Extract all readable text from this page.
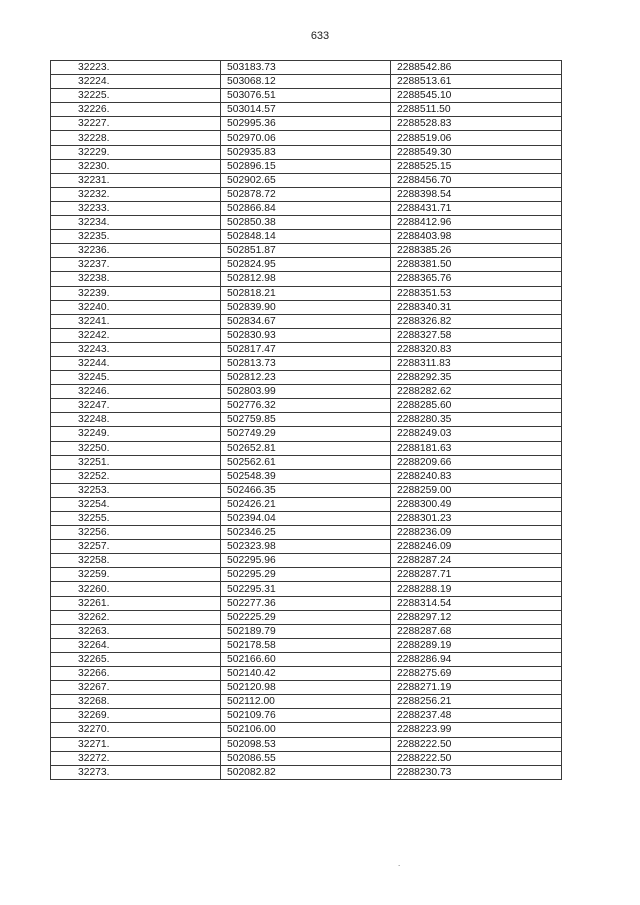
633
32223.	503183.73	2288542.86
32224.	503068.12	2288513.61
32225.	503076.51	2288545.10
32226.	503014.57	2288511.50
32227.	502995.36	2288528.83
32228.	502970.06	2288519.06
32229.	502935.83	2288549.30
32230.	502896.15	2288525.15
32231.	502902.65	2288456.70
32232.	502878.72	2288398.54
32233.	502866.84	2288431.71
32234.	502850.38	2288412.96
32235.	502848.14	2288403.98
32236.	502851.87	2288385.26
32237.	502824.95	2288381.50
32238.	502812.98	2288365.76
32239.	502818.21	2288351.53
32240.	502839.90	2288340.31
32241.	502834.67	2288326.82
32242.	502830.93	2288327.58
32243.	502817.47	2288320.83
32244.	502813.73	2288311.83
32245.	502812.23	2288292.35
32246.	502803.99	2288282.62
32247.	502776.32	2288285.60
32248.	502759.85	2288280.35
32249.	502749.29	2288249.03
32250.	502652.81	2288181.63
32251.	502562.61	2288209.66
32252.	502548.39	2288240.83
32253.	502466.35	2288259.00
32254.	502426.21	2288300.49
32255.	502394.04	2288301.23
32256.	502346.25	2288236.09
32257.	502323.98	2288246.09
32258.	502295.96	2288287.24
32259.	502295.29	2288287.71
32260.	502295.31	2288288.19
32261.	502277.36	2288314.54
32262.	502225.29	2288297.12
32263.	502189.79	2288287.68
32264.	502178.58	2288289.19
32265.	502166.60	2288286.94
32266.	502140.42	2288275.69
32267.	502120.98	2288271.19
32268.	502112.00	2288256.21
32269.	502109.76	2288237.48
32270.	502106.00	2288223.99
32271.	502098.53	2288222.50
32272.	502086.55	2288222.50
32273.	502082.82	2288230.73
.
